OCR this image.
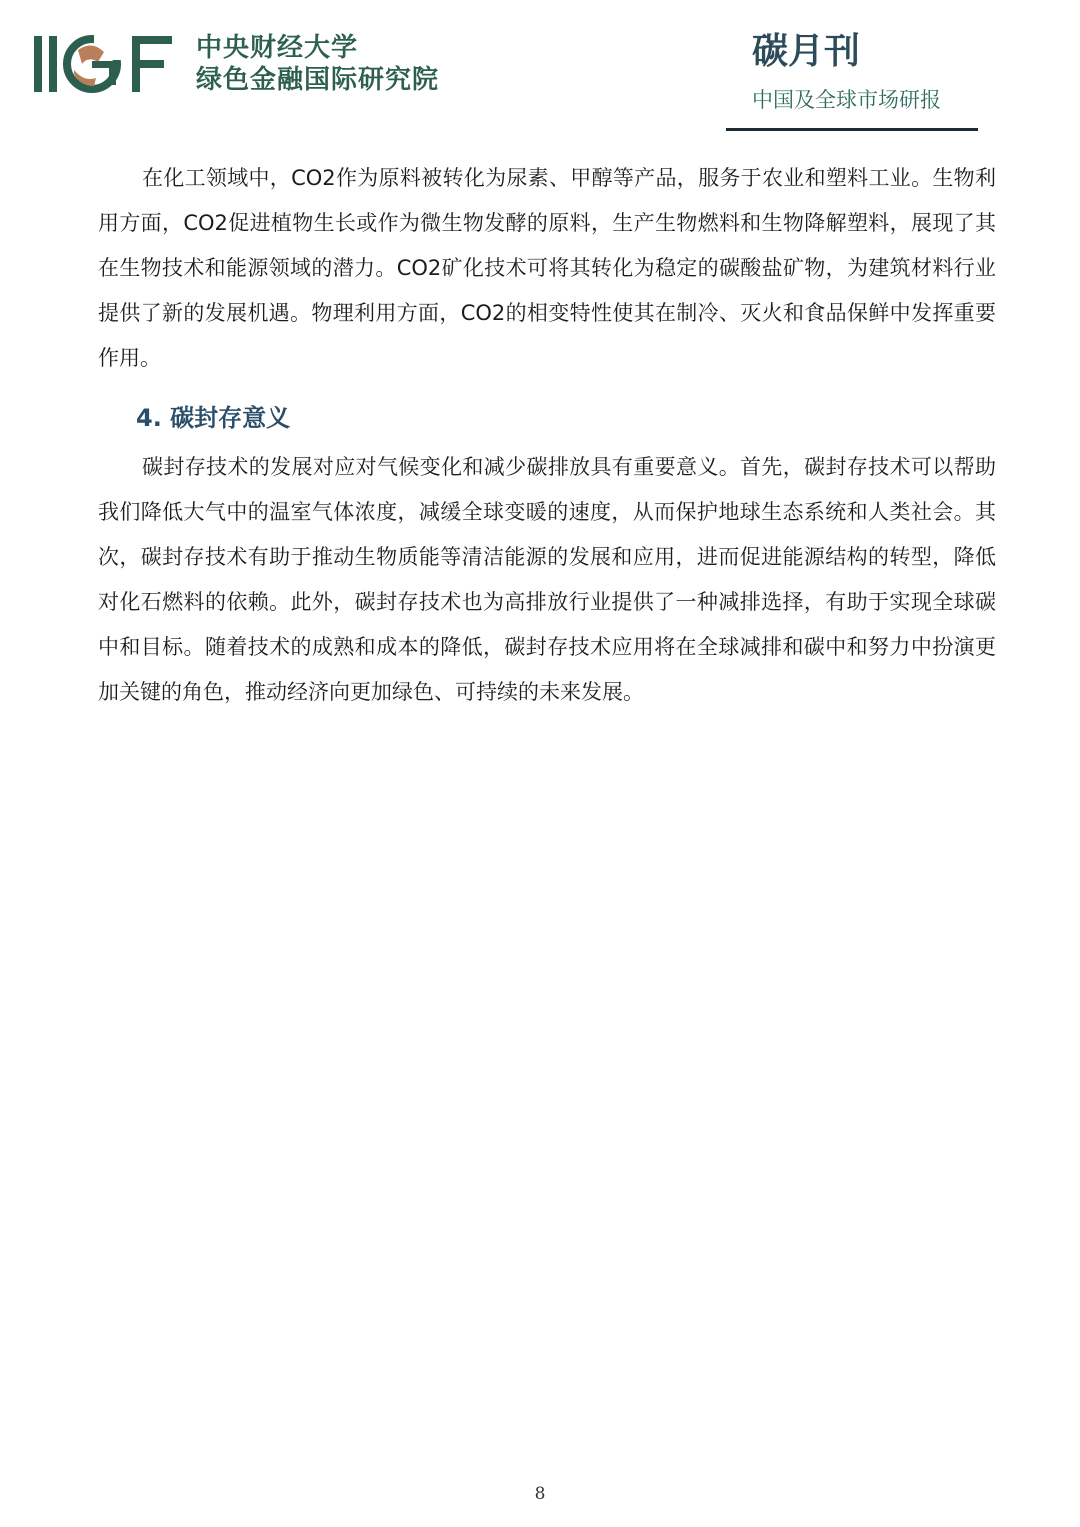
中央财经大学
绿色金融国际研究院
碳月刊
中国及全球市场研报

在化工领域中，CO2作为原料被转化为尿素、甲醇等产品，服务于农业和塑料工业。生物利用方面，CO2促进植物生长或作为微生物发酵的原料，生产生物燃料和生物降解塑料，展现了其在生物技术和能源领域的潜力。CO2矿化技术可将其转化为稳定的碳酸盐矿物，为建筑材料行业提供了新的发展机遇。物理利用方面，CO2的相变特性使其在制冷、灭火和食品保鲜中发挥重要作用。

4. 碳封存意义

碳封存技术的发展对应对气候变化和减少碳排放具有重要意义。首先，碳封存技术可以帮助我们降低大气中的温室气体浓度，减缓全球变暖的速度，从而保护地球生态系统和人类社会。其次，碳封存技术有助于推动生物质能等清洁能源的发展和应用，进而促进能源结构的转型，降低对化石燃料的依赖。此外，碳封存技术也为高排放行业提供了一种减排选择，有助于实现全球碳中和目标。随着技术的成熟和成本的降低，碳封存技术应用将在全球减排和碳中和努力中扮演更加关键的角色，推动经济向更加绿色、可持续的未来发展。

8
